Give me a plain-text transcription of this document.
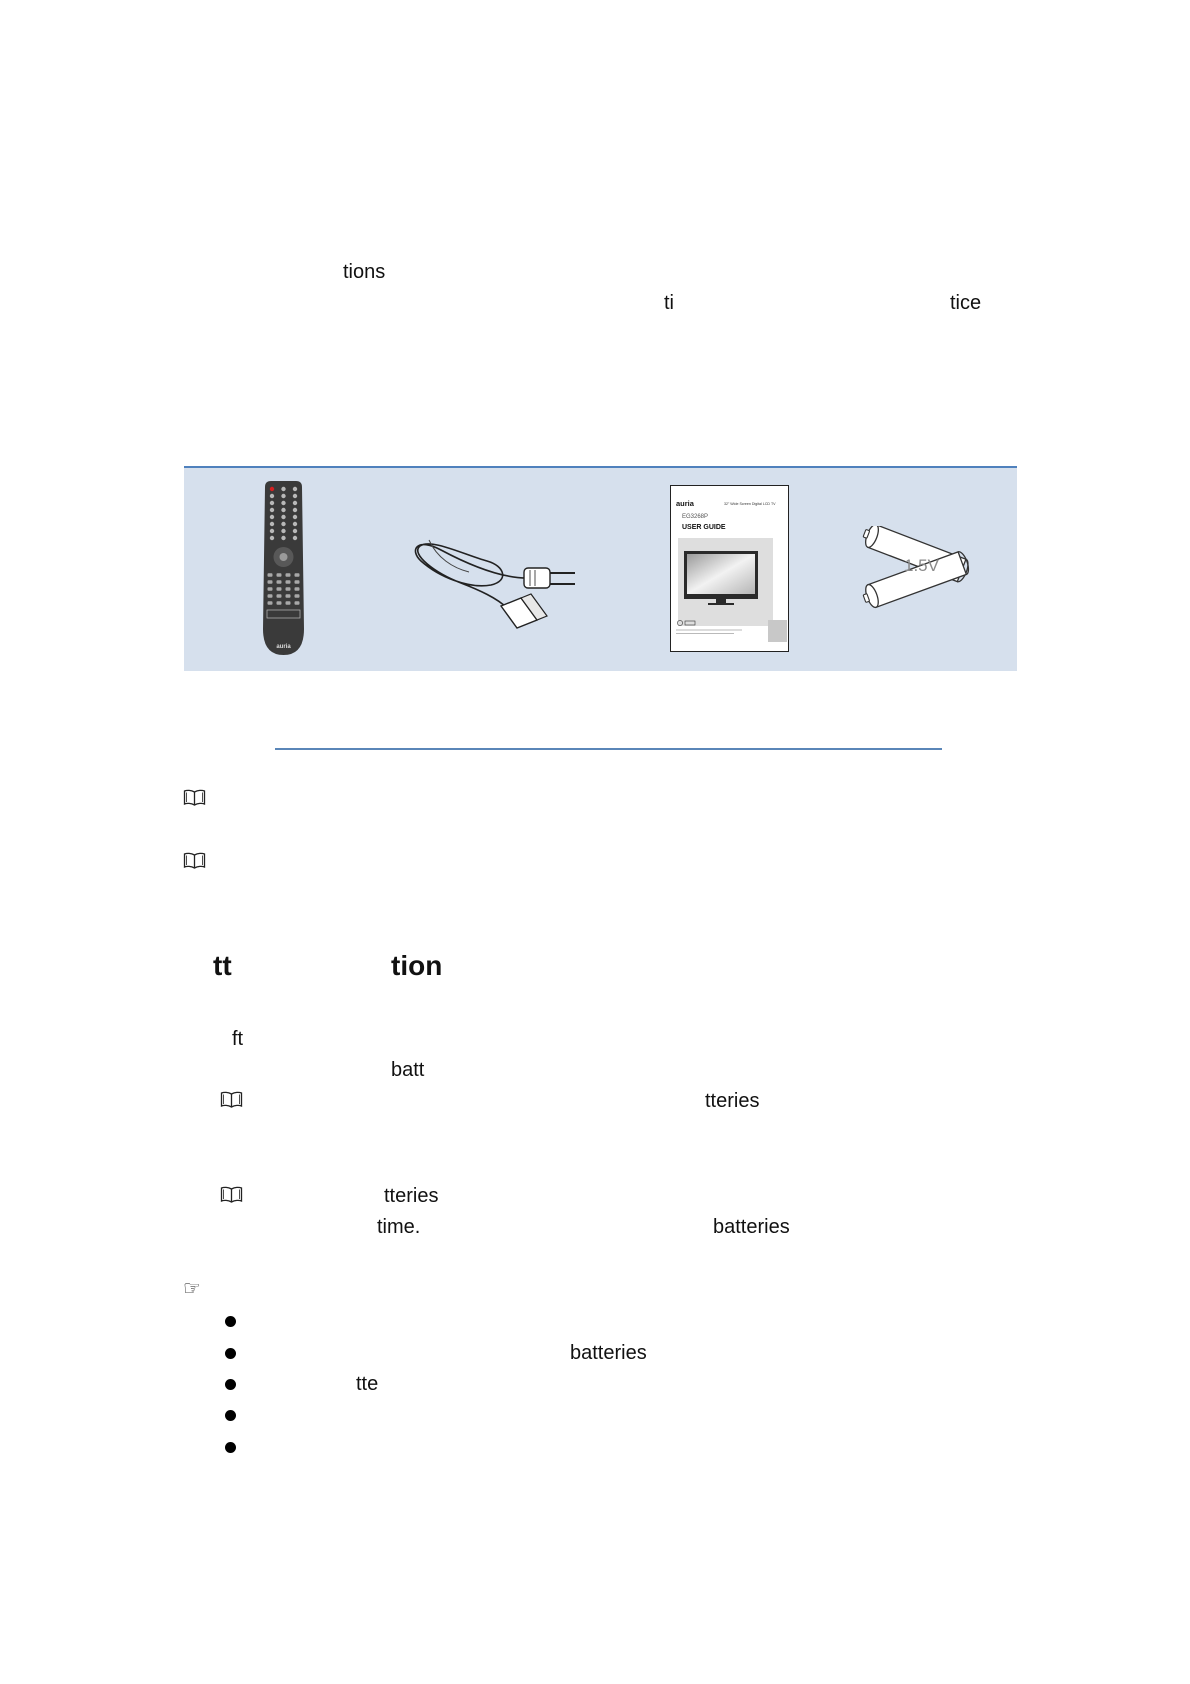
tions
ti	tice
auria
auria	32" Wide Screen Digital LCD TV
EG3268P
USER GUIDE
1.5V
tt	tion
ft
batt
tteries
tteries
time.	batteries
☞
batteries
tte
